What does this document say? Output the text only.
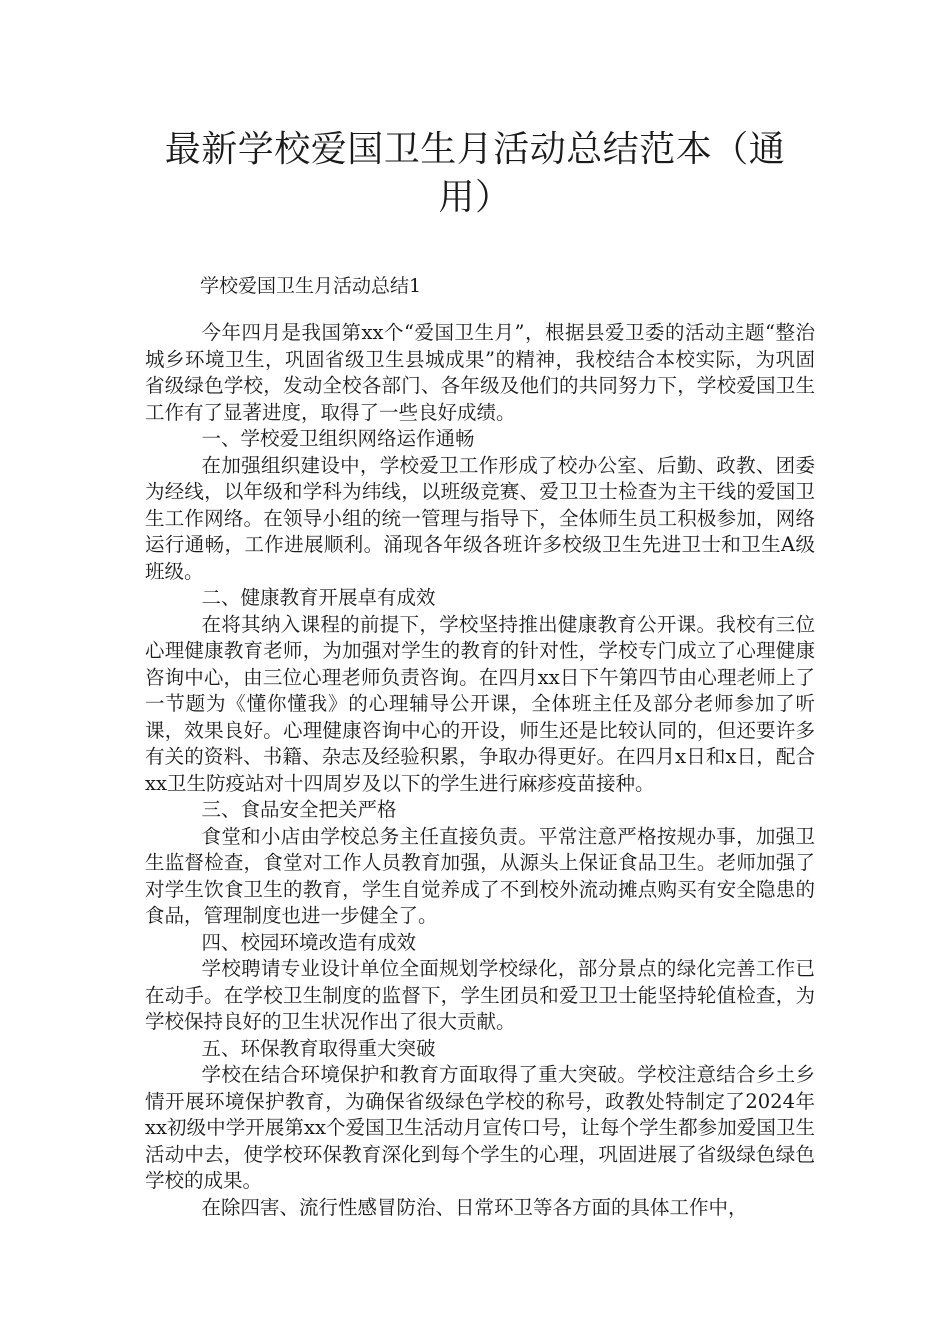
最新学校爱国卫生月活动总结范本（通用）

学校爱国卫生月活动总结1

今年四月是我国第xx个“爱国卫生月”，根据县爱卫委的活动主题“整治城乡环境卫生，巩固省级卫生县城成果”的精神，我校结合本校实际，为巩固省级绿色学校，发动全校各部门、各年级及他们的共同努力下，学校爱国卫生工作有了显著进度，取得了一些良好成绩。

一、学校爱卫组织网络运作通畅

在加强组织建设中，学校爱卫工作形成了校办公室、后勤、政教、团委为经线，以年级和学科为纬线，以班级竞赛、爱卫卫士检查为主干线的爱国卫生工作网络。在领导小组的统一管理与指导下，全体师生员工积极参加，网络运行通畅，工作进展顺利。涌现各年级各班许多校级卫生先进卫士和卫生A级班级。

二、健康教育开展卓有成效

在将其纳入课程的前提下，学校坚持推出健康教育公开课。我校有三位心理健康教育老师，为加强对学生的教育的针对性，学校专门成立了心理健康咨询中心，由三位心理老师负责咨询。在四月xx日下午第四节由心理老师上了一节题为《懂你懂我》的心理辅导公开课，全体班主任及部分老师参加了听课，效果良好。心理健康咨询中心的开设，师生还是比较认同的，但还要许多有关的资料、书籍、杂志及经验积累，争取办得更好。在四月x日和x日，配合xx卫生防疫站对十四周岁及以下的学生进行麻疹疫苗接种。

三、食品安全把关严格

食堂和小店由学校总务主任直接负责。平常注意严格按规办事，加强卫生监督检查，食堂对工作人员教育加强，从源头上保证食品卫生。老师加强了对学生饮食卫生的教育，学生自觉养成了不到校外流动摊点购买有安全隐患的食品，管理制度也进一步健全了。

四、校园环境改造有成效

学校聘请专业设计单位全面规划学校绿化，部分景点的绿化完善工作已在动手。在学校卫生制度的监督下，学生团员和爱卫卫士能坚持轮值检查，为学校保持良好的卫生状况作出了很大贡献。

五、环保教育取得重大突破

学校在结合环境保护和教育方面取得了重大突破。学校注意结合乡土乡情开展环境保护教育，为确保省级绿色学校的称号，政教处特制定了2024年xx初级中学开展第xx个爱国卫生活动月宣传口号，让每个学生都参加爱国卫生活动中去，使学校环保教育深化到每个学生的心理，巩固进展了省级绿色绿色学校的成果。

在除四害、流行性感冒防治、日常环卫等各方面的具体工作中，
